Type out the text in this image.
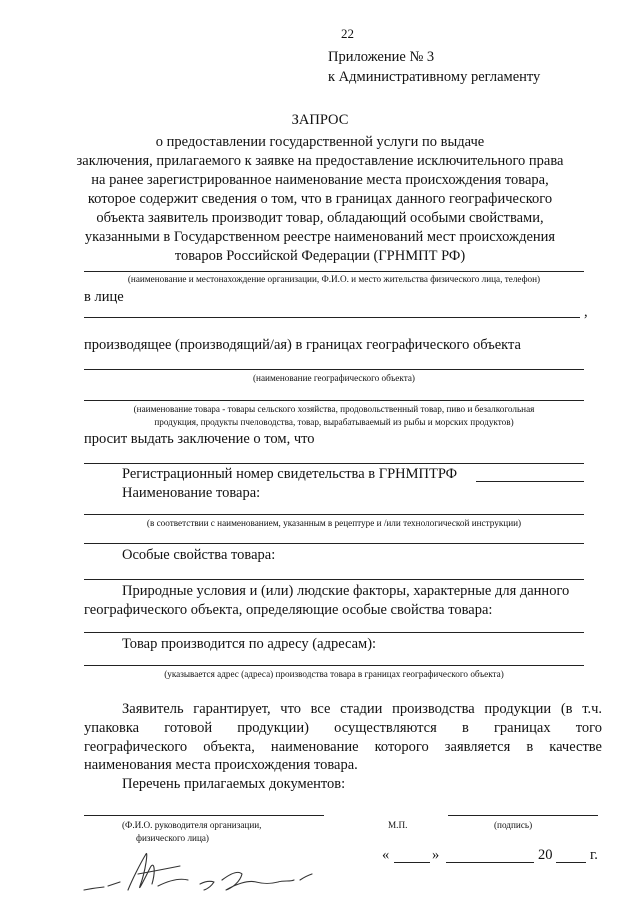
22
Приложение № 3
к Административному регламенту
ЗАПРОС
о предоставлении государственной услуги по выдаче
заключения, прилагаемого к заявке на предоставление исключительного права
на ранее зарегистрированное наименование места происхождения товара,
которое содержит сведения о том, что в границах данного географического
объекта заявитель производит товар, обладающий особыми свойствами,
указанными в Государственном реестре наименований мест происхождения
товаров Российской Федерации (ГРНМПТ РФ)
(наименование и местонахождение организации, Ф.И.О. и место жительства физического лица, телефон)
в лице
,
производящее (производящий/ая) в границах географического объекта
(наименование географического объекта)
(наименование товара - товары сельского хозяйства, продовольственный товар, пиво и безалкогольная
продукция, продукты пчеловодства, товар, вырабатываемый из рыбы и морских продуктов)
просит выдать заключение о том, что
Регистрационный номер свидетельства в ГРНМПТРФ
Наименование товара:
(в соответствии с наименованием, указанным в рецептуре и /или технологической инструкции)
Особые свойства товара:
Природные условия и (или) людские факторы, характерные для данного
географического объекта, определяющие особые свойства товара:
Товар производится по адресу (адресам):
(указывается адрес (адреса) производства товара в границах географического объекта)
Заявитель гарантирует, что все стадии производства продукции (в т.ч.
упаковка готовой продукции) осуществляются в границах того
географического объекта, наименование которого заявляется в качестве
наименования места происхождения товара.
Перечень прилагаемых документов:
(Ф.И.О. руководителя организации,
физического лица)
М.П.	(подпись)
«	»	20	г.
